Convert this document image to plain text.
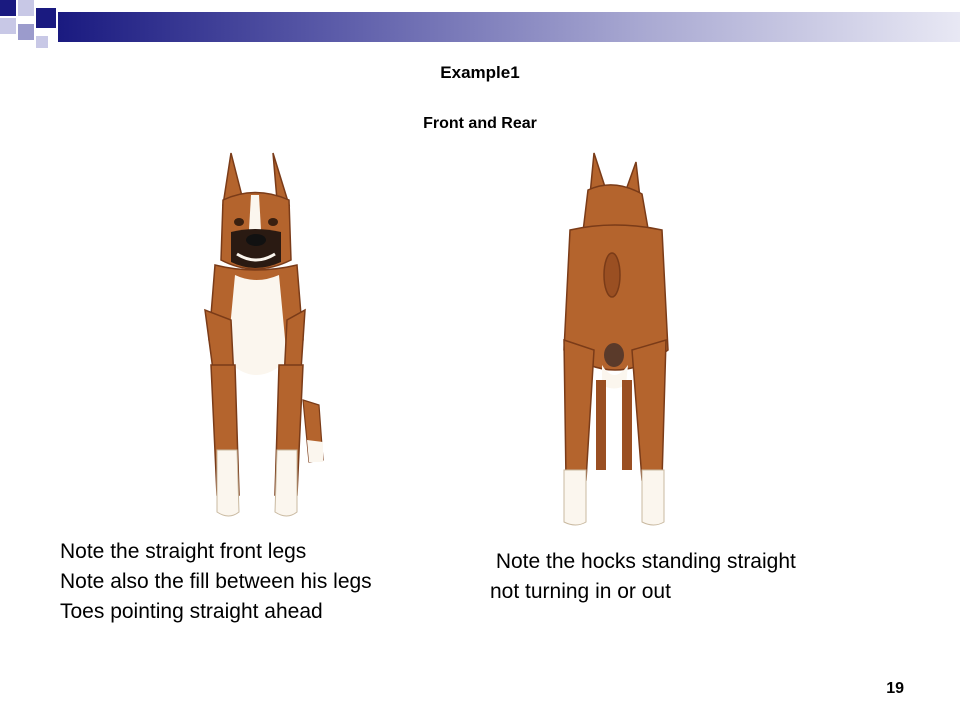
Example1
Front and Rear
Note the straight front legs
Note also the fill between his legs
Toes pointing straight ahead
Note the hocks standing straight
not turning in or out
19
